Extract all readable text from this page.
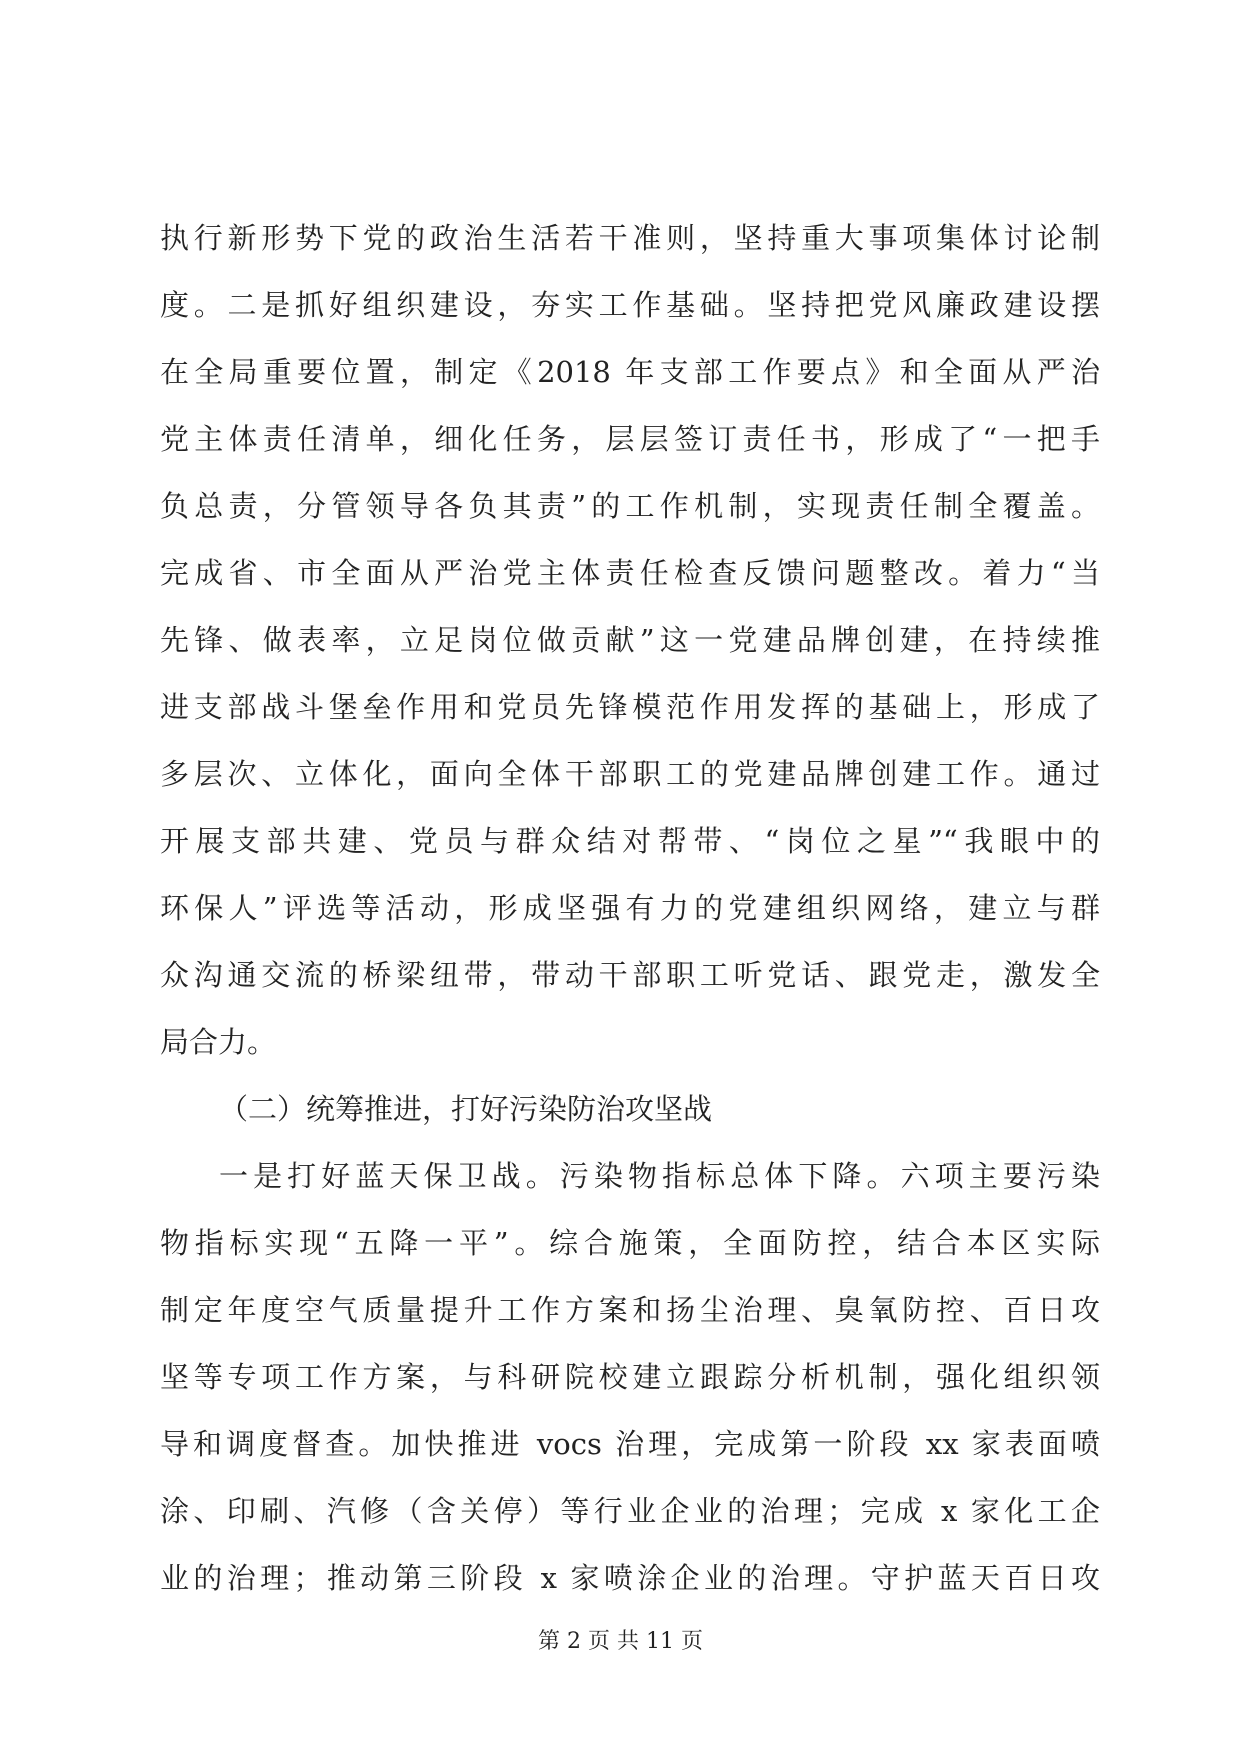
执行新形势下党的政治生活若干准则，坚持重大事项集体讨论制
度。二是抓好组织建设，夯实工作基础。坚持把党风廉政建设摆
在全局重要位置，制定《2018 年支部工作要点》和全面从严治
党主体责任清单，细化任务，层层签订责任书，形成了“一把手
负总责，分管领导各负其责”的工作机制，实现责任制全覆盖。
完成省、市全面从严治党主体责任检查反馈问题整改。着力“当
先锋、做表率，立足岗位做贡献”这一党建品牌创建，在持续推
进支部战斗堡垒作用和党员先锋模范作用发挥的基础上，形成了
多层次、立体化，面向全体干部职工的党建品牌创建工作。通过
开展支部共建、党员与群众结对帮带、“岗位之星”“我眼中的
环保人”评选等活动，形成坚强有力的党建组织网络，建立与群
众沟通交流的桥梁纽带，带动干部职工听党话、跟党走，激发全
局合力。
（二）统筹推进，打好污染防治攻坚战
一是打好蓝天保卫战。污染物指标总体下降。六项主要污染
物指标实现“五降一平”。综合施策，全面防控，结合本区实际
制定年度空气质量提升工作方案和扬尘治理、臭氧防控、百日攻
坚等专项工作方案，与科研院校建立跟踪分析机制，强化组织领
导和调度督查。加快推进 vocs 治理，完成第一阶段 xx 家表面喷
涂、印刷、汽修（含关停）等行业企业的治理；完成 x 家化工企
业的治理；推动第三阶段 x 家喷涂企业的治理。守护蓝天百日攻
第 2 页 共 11 页
